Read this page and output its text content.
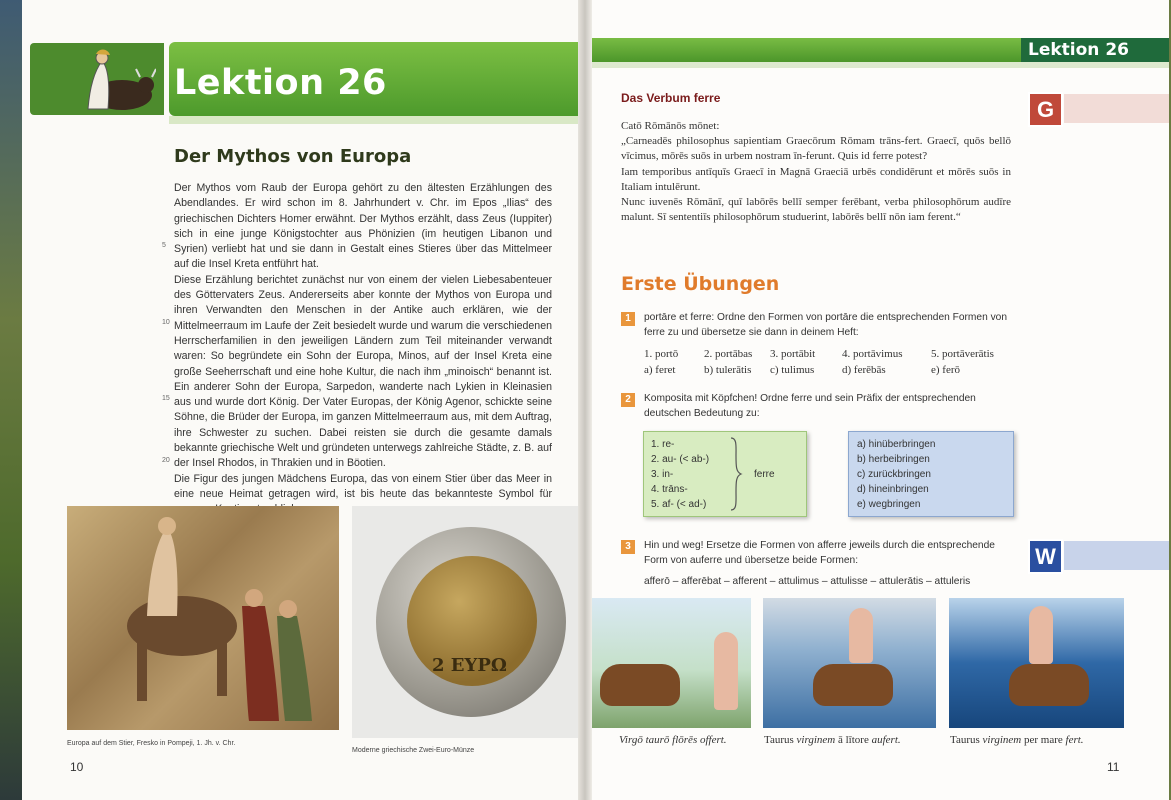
Lektion 26
Der Mythos von Europa
5
10
15
20

Der Mythos vom Raub der Europa gehört zu den ältesten Erzählungen des Abendlandes. Er wird schon im 8. Jahrhundert v. Chr. im Epos „Ilias“ des griechischen Dichters Homer erwähnt. Der Mythos erzählt, dass Zeus (Iuppiter) sich in eine junge Königstochter aus Phönizien (im heutigen Libanon und Syrien) verliebt hat und sie dann in Gestalt eines Stieres über das Mittelmeer auf die Insel Kreta entführt hat.

Diese Erzählung berichtet zunächst nur von einem der vielen Liebesabenteuer des Göttervaters Zeus. Andererseits aber konnte der Mythos von Europa und ihren Verwandten den Menschen in der Antike auch erklären, wie der Mittelmeerraum im Laufe der Zeit besiedelt wurde und warum die verschiedenen Herrscherfamilien in den jeweiligen Ländern zum Teil miteinander verwandt waren: So begründete ein Sohn der Europa, Minos, auf der Insel Kreta eine große Seeherrschaft und eine hohe Kultur, die nach ihm „minoisch“ benannt ist. Ein anderer Sohn der Europa, Sarpedon, wanderte nach Lykien in Kleinasien aus und wurde dort König. Der Vater Europas, der König Agenor, schickte seine Söhne, die Brüder der Europa, im ganzen Mittelmeerraum aus, mit dem Auftrag, ihre Schwester zu suchen. Dabei reisten sie durch die gesamte damals bekannte griechische Welt und gründeten unterwegs zahlreiche Städte, z. B. auf der Insel Rhodos, in Thrakien und in Böotien.

Die Figur des jungen Mädchens Europa, das von einem Stier über das Meer in eine neue Heimat getragen wird, ist bis heute das bekannteste Symbol für

Europa auf dem Stier, Fresko in Pompeji, 1. Jh. v. Chr.
2 ΕΥΡΩ
Moderne griechische Zwei-Euro-Münze
10
Lektion 26
G
Das Verbum ferre

Catō Rōmānōs mōnet:

„Carneadēs philosophus sapientiam Graecōrum Rōmam trāns-fert. Graecī, quōs bellō vīcimus, mōrēs suōs in urbem nostram īn-ferunt. Quis id ferre potest?

Iam temporibus antīquīs Graecī in Magnā Graeciā urbēs condidērunt et mōrēs suōs in Italiam intulērunt.

Nunc iuvenēs Rōmānī, quī labōrēs bellī semper ferēbant, verba philosophōrum audīre malunt. Sī sententiīs philosophōrum studuerint, labōrēs bellī nōn iam ferent.“

Erste Übungen
1	portāre et ferre: Ordne den Formen von portāre die entsprechenden Formen von ferre zu und übersetze sie dann in deinem Heft:
1. portō 2. portābas 3. portābit 4. portāvimus	5. portāverātis
a) feret	b) tulerātis c) tulimus	d) ferēbās	e) ferō
2	Komposita mit Köpfchen! Ordne ferre und sein Präfix der entsprechenden deutschen Bedeutung zu:
1. re-
2. au- (< ab-)
3. in-
4. trāns-
5. af- (< ad-)
ferre
a) hinüberbringen
b) herbeibringen
c) zurückbringen
d) hineinbringen
e) wegbringen
3	Hin und weg! Ersetze die Formen von afferre jeweils durch die entsprechende Form von auferre und übersetze beide Formen:
afferō – afferēbat – afferent – attulimus – attulisse – attulerātis – attuleris
W
Virgō taurō flōrēs offert.	Taurus virginem ā lītore aufert.	Taurus virginem per mare fert.
11
